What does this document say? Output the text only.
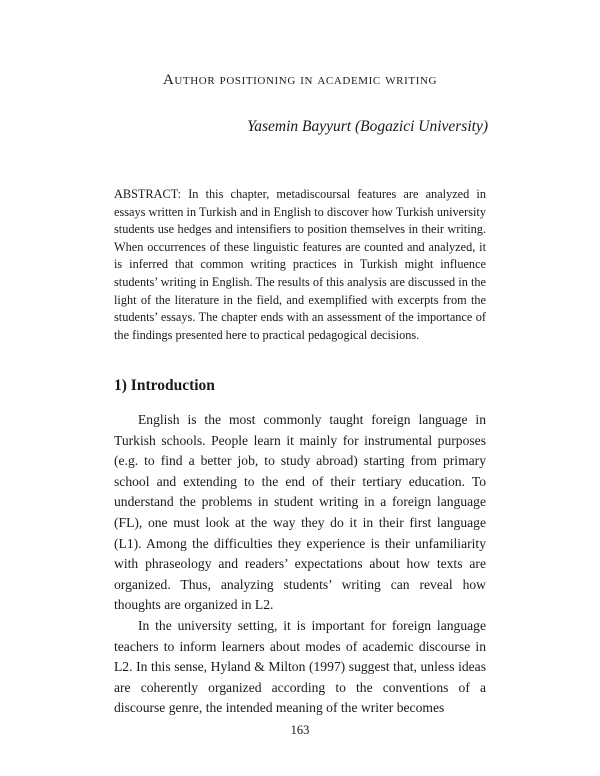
Author positioning in academic writing
Yasemin Bayyurt (Bogazici University)
ABSTRACT: In this chapter, metadiscoursal features are analyzed in essays written in Turkish and in English to discover how Turkish university students use hedges and intensifiers to position themselves in their writing. When occurrences of these linguistic features are counted and analyzed, it is inferred that common writing practices in Turkish might influence students’ writing in English. The results of this analysis are discussed in the light of the literature in the field, and exemplified with excerpts from the students’ essays. The chapter ends with an assessment of the importance of the findings presented here to practical pedagogical decisions.
1) Introduction

English is the most commonly taught foreign language in Turkish schools. People learn it mainly for instrumental purposes (e.g. to find a better job, to study abroad) starting from primary school and extending to the end of their tertiary education. To understand the problems in student writing in a foreign language (FL), one must look at the way they do it in their first language (L1). Among the difficulties they experience is their unfamiliarity with phraseology and readers’ expectations about how texts are organized. Thus, analyzing students’ writing can reveal how thoughts are organized in L2.

In the university setting, it is important for foreign language teachers to inform learners about modes of academic discourse in L2. In this sense, Hyland & Milton (1997) suggest that, unless ideas are coherently organized according to the conventions of a discourse genre, the intended meaning of the writer becomes

163
